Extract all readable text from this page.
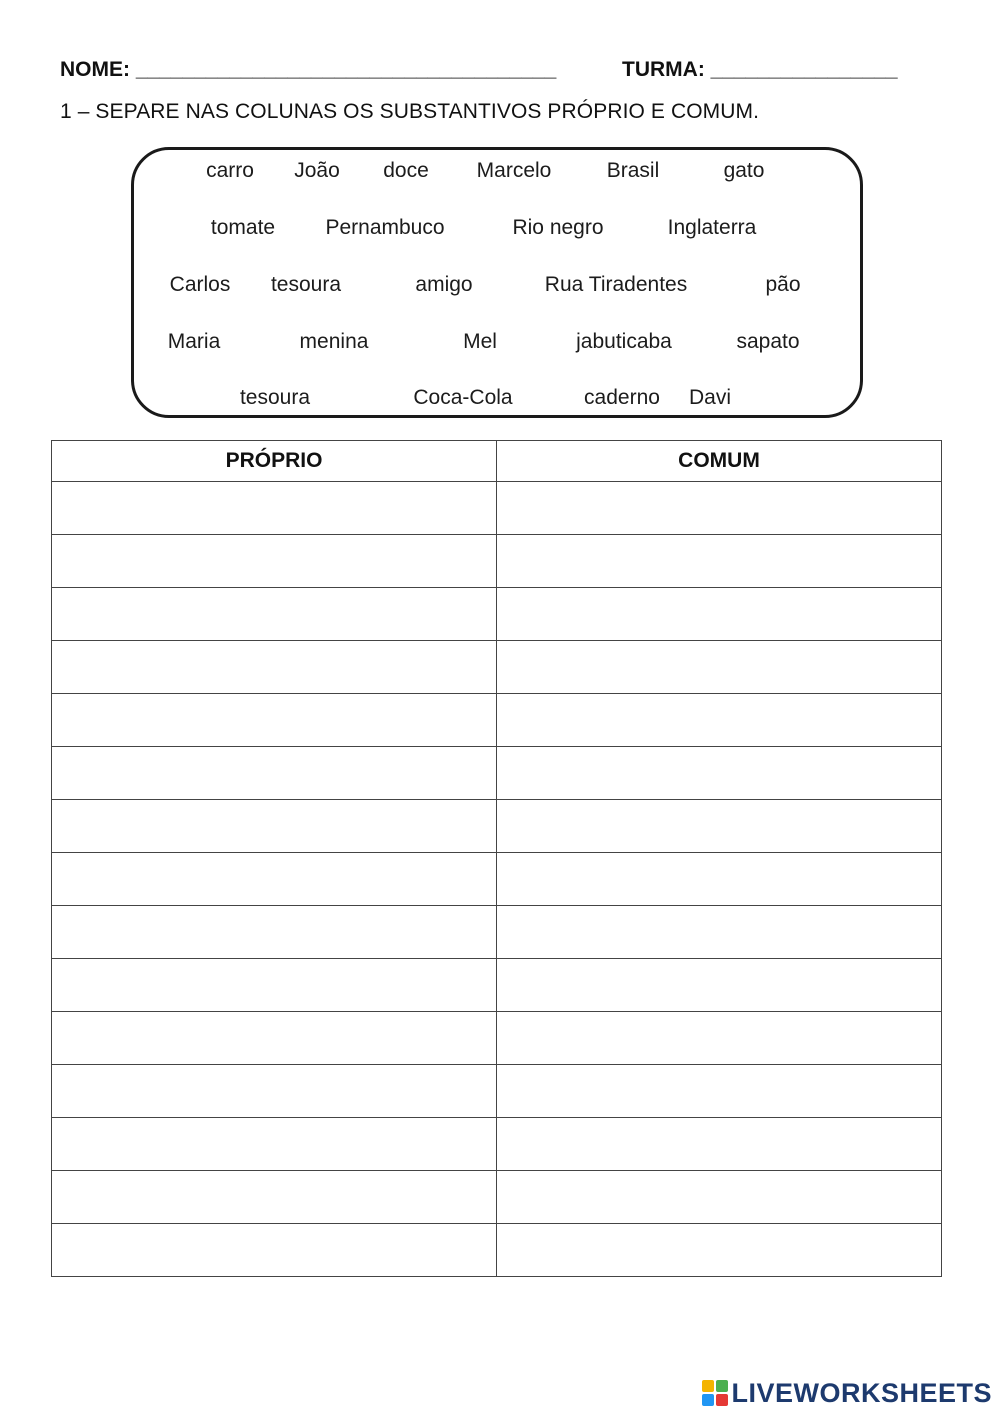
NOME: ____________________________________	TURMA: ________________
1 – SEPARE NAS COLUNAS OS SUBSTANTIVOS PRÓPRIO E COMUM.
carro João doce Marcelo	Brasil	gato
tomate Pernambuco	Rio negro	Inglaterra
Carlos tesoura	amigo	Rua Tiradentes	pão
Maria	menina	Mel	jabuticaba	sapato
tesoura	Coca-Cola	caderno Davi
PRÓPRIO	COMUM

LIVEWORKSHEETS
